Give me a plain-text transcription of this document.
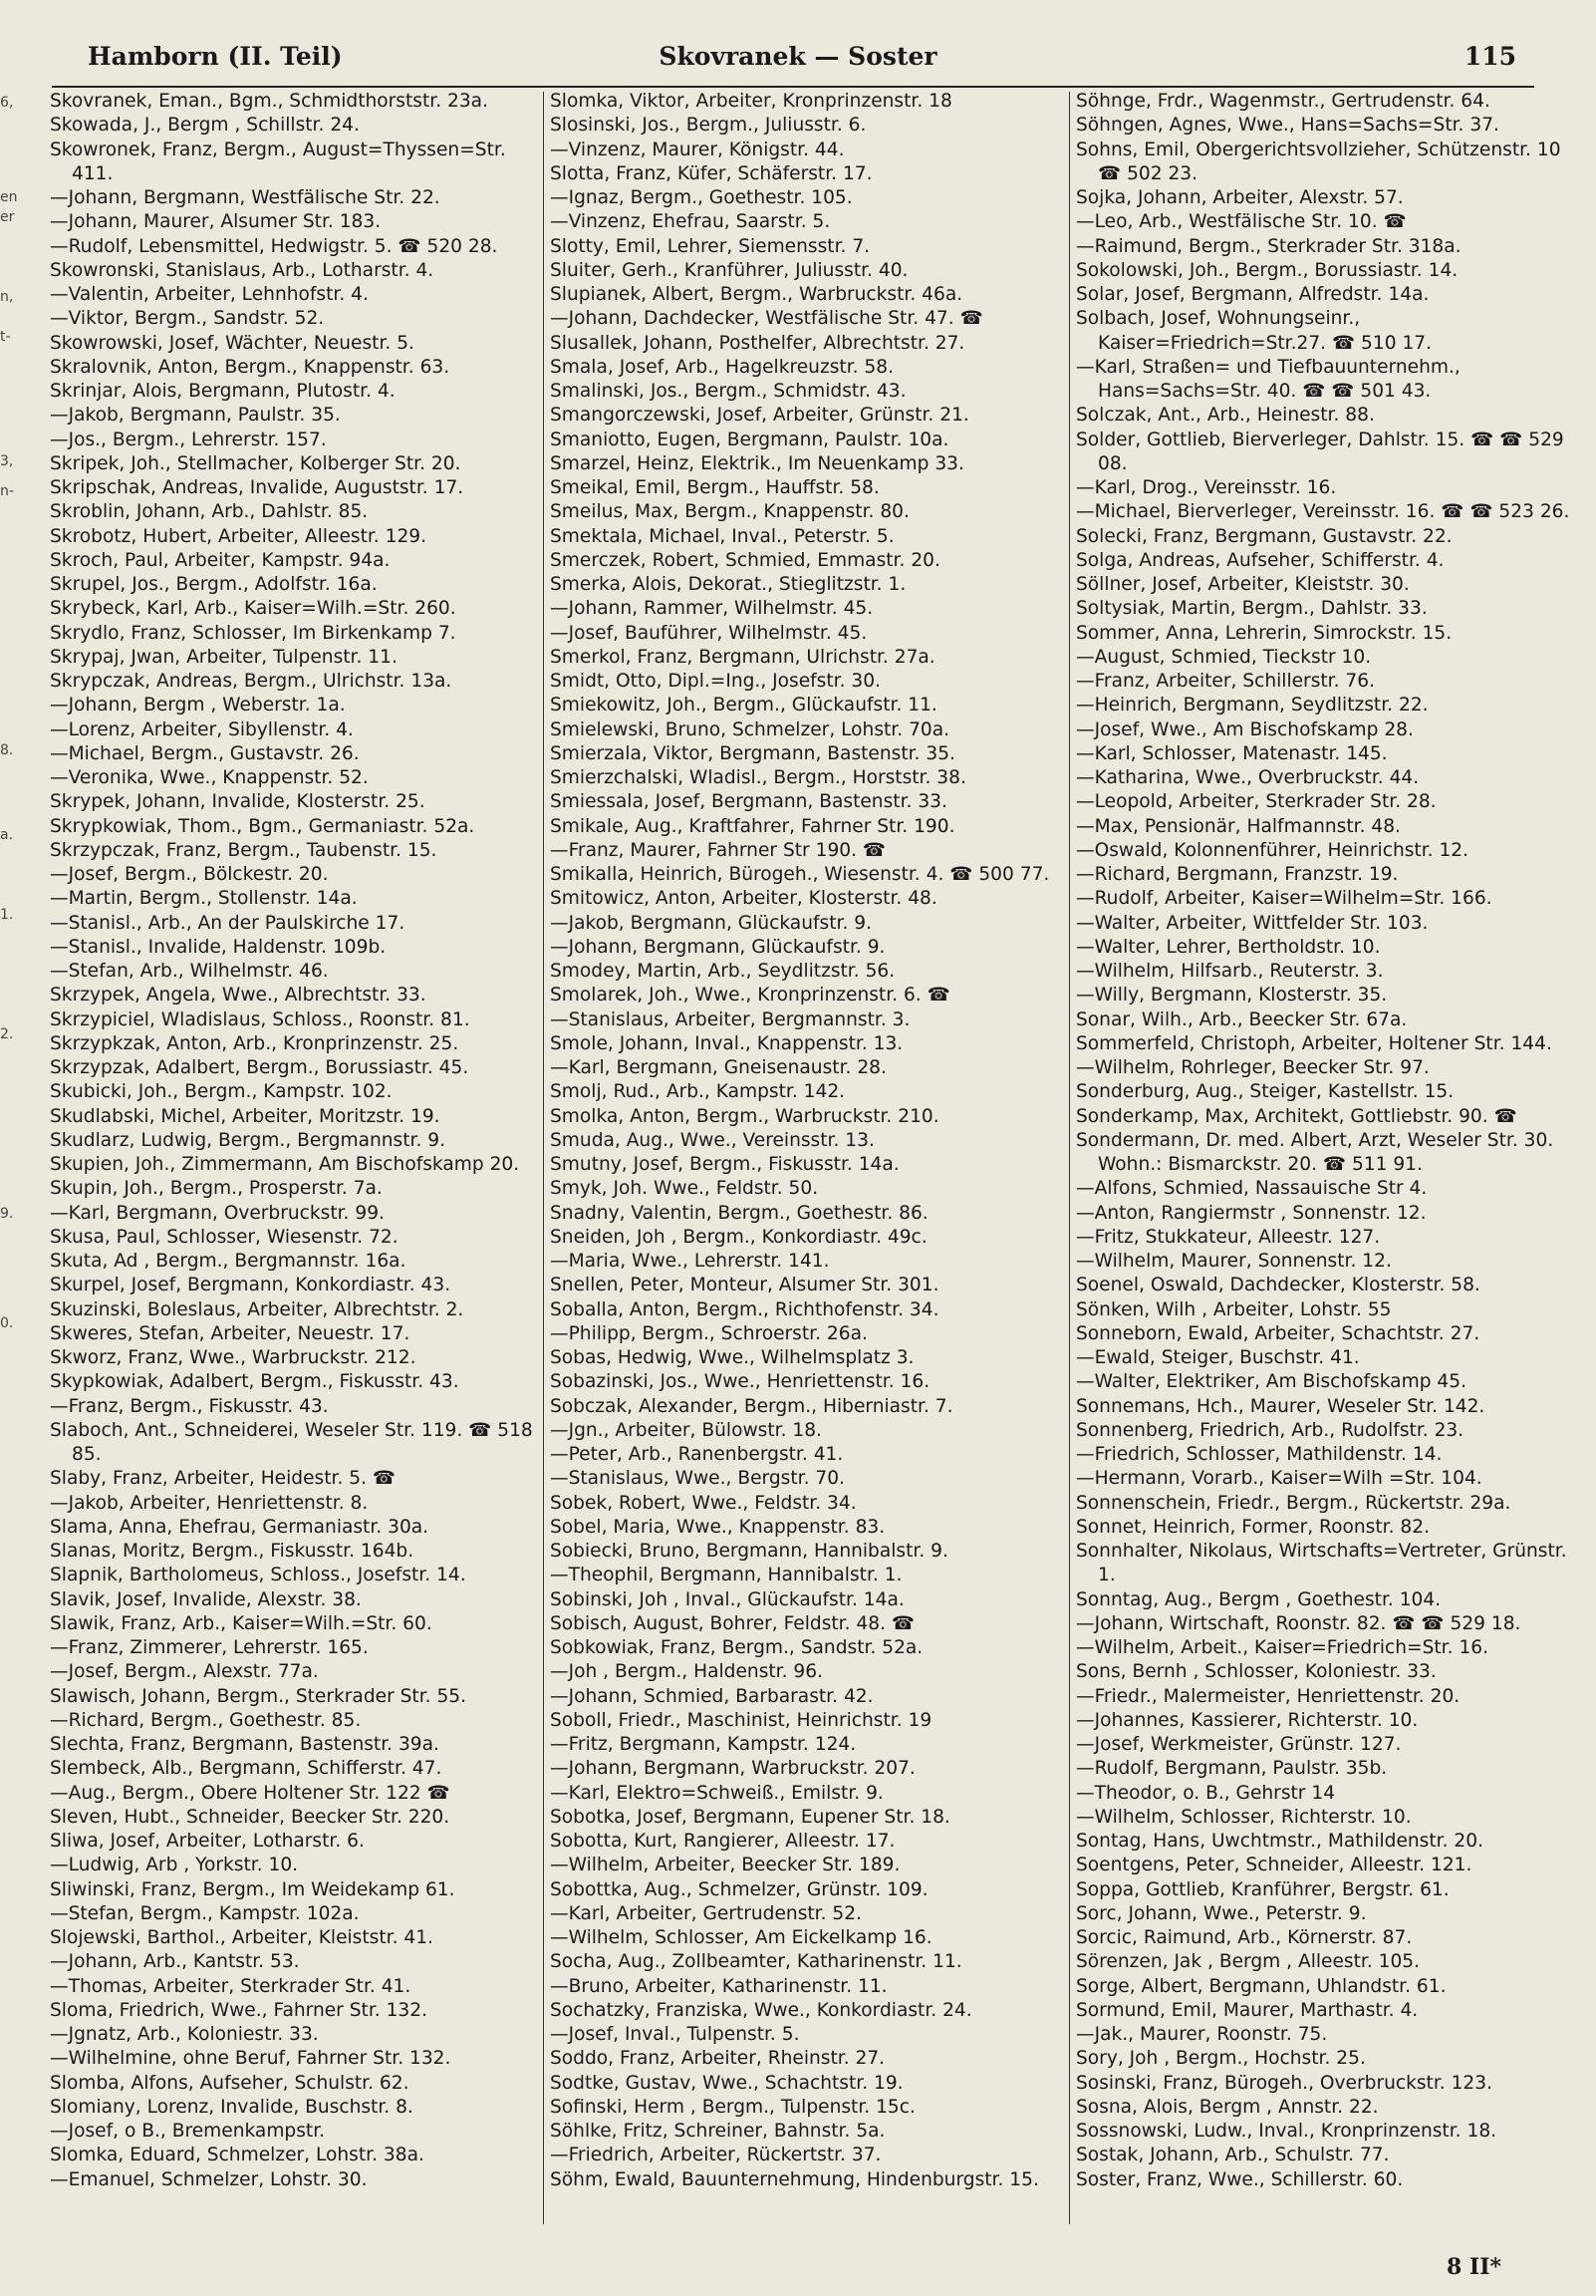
Hamborn (II. Teil)	Skovranek — Soster	115
6,
en
er
n,
t-
3,
n-
8.
a.
1.
2.
9.
0.
Skovranek, Eman., Bgm., Schmidthorststr. 23a.
Skowada, J., Bergm , Schillstr. 24.
Skowronek, Franz, Bergm., August=Thyssen=Str. 411.
—Johann, Bergmann, Westfälische Str. 22.
—Johann, Maurer, Alsumer Str. 183.
—Rudolf, Lebensmittel, Hedwigstr. 5. ☎ 520 28.
Skowronski, Stanislaus, Arb., Lotharstr. 4.
—Valentin, Arbeiter, Lehnhofstr. 4.
—Viktor, Bergm., Sandstr. 52.
Skowrowski, Josef, Wächter, Neuestr. 5.
Skralovnik, Anton, Bergm., Knappenstr. 63.
Skrinjar, Alois, Bergmann, Plutostr. 4.
—Jakob, Bergmann, Paulstr. 35.
—Jos., Bergm., Lehrerstr. 157.
Skripek, Joh., Stellmacher, Kolberger Str. 20.
Skripschak, Andreas, Invalide, Auguststr. 17.
Skroblin, Johann, Arb., Dahlstr. 85.
Skrobotz, Hubert, Arbeiter, Alleestr. 129.
Skroch, Paul, Arbeiter, Kampstr. 94a.
Skrupel, Jos., Bergm., Adolfstr. 16a.
Skrybeck, Karl, Arb., Kaiser=Wilh.=Str. 260.
Skrydlo, Franz, Schlosser, Im Birkenkamp 7.
Skrypaj, Jwan, Arbeiter, Tulpenstr. 11.
Skrypczak, Andreas, Bergm., Ulrichstr. 13a.
—Johann, Bergm , Weberstr. 1a.
—Lorenz, Arbeiter, Sibyllenstr. 4.
—Michael, Bergm., Gustavstr. 26.
—Veronika, Wwe., Knappenstr. 52.
Skrypek, Johann, Invalide, Klosterstr. 25.
Skrypkowiak, Thom., Bgm., Germaniastr. 52a.
Skrzypczak, Franz, Bergm., Taubenstr. 15.
—Josef, Bergm., Bölckestr. 20.
—Martin, Bergm., Stollenstr. 14a.
—Stanisl., Arb., An der Paulskirche 17.
—Stanisl., Invalide, Haldenstr. 109b.
—Stefan, Arb., Wilhelmstr. 46.
Skrzypek, Angela, Wwe., Albrechtstr. 33.
Skrzypiciel, Wladislaus, Schloss., Roonstr. 81.
Skrzypkzak, Anton, Arb., Kronprinzenstr. 25.
Skrzypzak, Adalbert, Bergm., Borussiastr. 45.
Skubicki, Joh., Bergm., Kampstr. 102.
Skudlabski, Michel, Arbeiter, Moritzstr. 19.
Skudlarz, Ludwig, Bergm., Bergmannstr. 9.
Skupien, Joh., Zimmermann, Am Bischofskamp 20.
Skupin, Joh., Bergm., Prosperstr. 7a.
—Karl, Bergmann, Overbruckstr. 99.
Skusa, Paul, Schlosser, Wiesenstr. 72.
Skuta, Ad , Bergm., Bergmannstr. 16a.
Skurpel, Josef, Bergmann, Konkordiastr. 43.
Skuzinski, Boleslaus, Arbeiter, Albrechtstr. 2.
Skweres, Stefan, Arbeiter, Neuestr. 17.
Skworz, Franz, Wwe., Warbruckstr. 212.
Skypkowiak, Adalbert, Bergm., Fiskusstr. 43.
—Franz, Bergm., Fiskusstr. 43.
Slaboch, Ant., Schneiderei, Weseler Str. 119. ☎ 518 85.
Slaby, Franz, Arbeiter, Heidestr. 5. ☎
—Jakob, Arbeiter, Henriettenstr. 8.
Slama, Anna, Ehefrau, Germaniastr. 30a.
Slanas, Moritz, Bergm., Fiskusstr. 164b.
Slapnik, Bartholomeus, Schloss., Josefstr. 14.
Slavik, Josef, Invalide, Alexstr. 38.
Slawik, Franz, Arb., Kaiser=Wilh.=Str. 60.
—Franz, Zimmerer, Lehrerstr. 165.
—Josef, Bergm., Alexstr. 77a.
Slawisch, Johann, Bergm., Sterkrader Str. 55.
—Richard, Bergm., Goethestr. 85.
Slechta, Franz, Bergmann, Bastenstr. 39a.
Slembeck, Alb., Bergmann, Schifferstr. 47.
—Aug., Bergm., Obere Holtener Str. 122 ☎
Sleven, Hubt., Schneider, Beecker Str. 220.
Sliwa, Josef, Arbeiter, Lotharstr. 6.
—Ludwig, Arb , Yorkstr. 10.
Sliwinski, Franz, Bergm., Im Weidekamp 61.
—Stefan, Bergm., Kampstr. 102a.
Slojewski, Barthol., Arbeiter, Kleiststr. 41.
—Johann, Arb., Kantstr. 53.
—Thomas, Arbeiter, Sterkrader Str. 41.
Sloma, Friedrich, Wwe., Fahrner Str. 132.
—Jgnatz, Arb., Koloniestr. 33.
—Wilhelmine, ohne Beruf, Fahrner Str. 132.
Slomba, Alfons, Aufseher, Schulstr. 62.
Slomiany, Lorenz, Invalide, Buschstr. 8.
—Josef, o B., Bremenkampstr.
Slomka, Eduard, Schmelzer, Lohstr. 38a.
—Emanuel, Schmelzer, Lohstr. 30.
Slomka, Viktor, Arbeiter, Kronprinzenstr. 18
Slosinski, Jos., Bergm., Juliusstr. 6.
—Vinzenz, Maurer, Königstr. 44.
Slotta, Franz, Küfer, Schäferstr. 17.
—Ignaz, Bergm., Goethestr. 105.
—Vinzenz, Ehefrau, Saarstr. 5.
Slotty, Emil, Lehrer, Siemensstr. 7.
Sluiter, Gerh., Kranführer, Juliusstr. 40.
Slupianek, Albert, Bergm., Warbruckstr. 46a.
—Johann, Dachdecker, Westfälische Str. 47. ☎
Slusallek, Johann, Posthelfer, Albrechtstr. 27.
Smala, Josef, Arb., Hagelkreuzstr. 58.
Smalinski, Jos., Bergm., Schmidstr. 43.
Smangorczewski, Josef, Arbeiter, Grünstr. 21.
Smaniotto, Eugen, Bergmann, Paulstr. 10a.
Smarzel, Heinz, Elektrik., Im Neuenkamp 33.
Smeikal, Emil, Bergm., Hauffstr. 58.
Smeilus, Max, Bergm., Knappenstr. 80.
Smektala, Michael, Inval., Peterstr. 5.
Smerczek, Robert, Schmied, Emmastr. 20.
Smerka, Alois, Dekorat., Stieglitzstr. 1.
—Johann, Rammer, Wilhelmstr. 45.
—Josef, Bauführer, Wilhelmstr. 45.
Smerkol, Franz, Bergmann, Ulrichstr. 27a.
Smidt, Otto, Dipl.=Ing., Josefstr. 30.
Smiekowitz, Joh., Bergm., Glückaufstr. 11.
Smielewski, Bruno, Schmelzer, Lohstr. 70a.
Smierzala, Viktor, Bergmann, Bastenstr. 35.
Smierzchalski, Wladisl., Bergm., Horststr. 38.
Smiessala, Josef, Bergmann, Bastenstr. 33.
Smikale, Aug., Kraftfahrer, Fahrner Str. 190.
—Franz, Maurer, Fahrner Str 190. ☎
Smikalla, Heinrich, Bürogeh., Wiesenstr. 4. ☎ 500 77.
Smitowicz, Anton, Arbeiter, Klosterstr. 48.
—Jakob, Bergmann, Glückaufstr. 9.
—Johann, Bergmann, Glückaufstr. 9.
Smodey, Martin, Arb., Seydlitzstr. 56.
Smolarek, Joh., Wwe., Kronprinzenstr. 6. ☎
—Stanislaus, Arbeiter, Bergmannstr. 3.
Smole, Johann, Inval., Knappenstr. 13.
—Karl, Bergmann, Gneisenaustr. 28.
Smolj, Rud., Arb., Kampstr. 142.
Smolka, Anton, Bergm., Warbruckstr. 210.
Smuda, Aug., Wwe., Vereinsstr. 13.
Smutny, Josef, Bergm., Fiskusstr. 14a.
Smyk, Joh. Wwe., Feldstr. 50.
Snadny, Valentin, Bergm., Goethestr. 86.
Sneiden, Joh , Bergm., Konkordiastr. 49c.
—Maria, Wwe., Lehrerstr. 141.
Snellen, Peter, Monteur, Alsumer Str. 301.
Soballa, Anton, Bergm., Richthofenstr. 34.
—Philipp, Bergm., Schroerstr. 26a.
Sobas, Hedwig, Wwe., Wilhelmsplatz 3.
Sobazinski, Jos., Wwe., Henriettenstr. 16.
Sobczak, Alexander, Bergm., Hiberniastr. 7.
—Jgn., Arbeiter, Bülowstr. 18.
—Peter, Arb., Ranenbergstr. 41.
—Stanislaus, Wwe., Bergstr. 70.
Sobek, Robert, Wwe., Feldstr. 34.
Sobel, Maria, Wwe., Knappenstr. 83.
Sobiecki, Bruno, Bergmann, Hannibalstr. 9.
—Theophil, Bergmann, Hannibalstr. 1.
Sobinski, Joh , Inval., Glückaufstr. 14a.
Sobisch, August, Bohrer, Feldstr. 48. ☎
Sobkowiak, Franz, Bergm., Sandstr. 52a.
—Joh , Bergm., Haldenstr. 96.
—Johann, Schmied, Barbarastr. 42.
Soboll, Friedr., Maschinist, Heinrichstr. 19
—Fritz, Bergmann, Kampstr. 124.
—Johann, Bergmann, Warbruckstr. 207.
—Karl, Elektro=Schweiß., Emilstr. 9.
Sobotka, Josef, Bergmann, Eupener Str. 18.
Sobotta, Kurt, Rangierer, Alleestr. 17.
—Wilhelm, Arbeiter, Beecker Str. 189.
Sobottka, Aug., Schmelzer, Grünstr. 109.
—Karl, Arbeiter, Gertrudenstr. 52.
—Wilhelm, Schlosser, Am Eickelkamp 16.
Socha, Aug., Zollbeamter, Katharinenstr. 11.
—Bruno, Arbeiter, Katharinenstr. 11.
Sochatzky, Franziska, Wwe., Konkordiastr. 24.
—Josef, Inval., Tulpenstr. 5.
Soddo, Franz, Arbeiter, Rheinstr. 27.
Sodtke, Gustav, Wwe., Schachtstr. 19.
Sofinski, Herm , Bergm., Tulpenstr. 15c.
Söhlke, Fritz, Schreiner, Bahnstr. 5a.
—Friedrich, Arbeiter, Rückertstr. 37.
Söhm, Ewald, Bauunternehmung, Hindenburgstr. 15.
Söhnge, Frdr., Wagenmstr., Gertrudenstr. 64.
Söhngen, Agnes, Wwe., Hans=Sachs=Str. 37.
Sohns, Emil, Obergerichtsvollzieher, Schützenstr. 10 ☎ 502 23.
Sojka, Johann, Arbeiter, Alexstr. 57.
—Leo, Arb., Westfälische Str. 10. ☎
—Raimund, Bergm., Sterkrader Str. 318a.
Sokolowski, Joh., Bergm., Borussiastr. 14.
Solar, Josef, Bergmann, Alfredstr. 14a.
Solbach, Josef, Wohnungseinr., Kaiser=Friedrich=Str.27. ☎ 510 17.
—Karl, Straßen= und Tiefbauunternehm., Hans=Sachs=Str. 40. ☎ ☎ 501 43.
Solczak, Ant., Arb., Heinestr. 88.
Solder, Gottlieb, Bierverleger, Dahlstr. 15. ☎ ☎ 529 08.
—Karl, Drog., Vereinsstr. 16.
—Michael, Bierverleger, Vereinsstr. 16. ☎ ☎ 523 26.
Solecki, Franz, Bergmann, Gustavstr. 22.
Solga, Andreas, Aufseher, Schifferstr. 4.
Söllner, Josef, Arbeiter, Kleiststr. 30.
Soltysiak, Martin, Bergm., Dahlstr. 33.
Sommer, Anna, Lehrerin, Simrockstr. 15.
—August, Schmied, Tieckstr 10.
—Franz, Arbeiter, Schillerstr. 76.
—Heinrich, Bergmann, Seydlitzstr. 22.
—Josef, Wwe., Am Bischofskamp 28.
—Karl, Schlosser, Matenastr. 145.
—Katharina, Wwe., Overbruckstr. 44.
—Leopold, Arbeiter, Sterkrader Str. 28.
—Max, Pensionär, Halfmannstr. 48.
—Oswald, Kolonnenführer, Heinrichstr. 12.
—Richard, Bergmann, Franzstr. 19.
—Rudolf, Arbeiter, Kaiser=Wilhelm=Str. 166.
—Walter, Arbeiter, Wittfelder Str. 103.
—Walter, Lehrer, Bertholdstr. 10.
—Wilhelm, Hilfsarb., Reuterstr. 3.
—Willy, Bergmann, Klosterstr. 35.
Sonar, Wilh., Arb., Beecker Str. 67a.
Sommerfeld, Christoph, Arbeiter, Holtener Str. 144.
—Wilhelm, Rohrleger, Beecker Str. 97.
Sonderburg, Aug., Steiger, Kastellstr. 15.
Sonderkamp, Max, Architekt, Gottliebstr. 90. ☎
Sondermann, Dr. med. Albert, Arzt, Weseler Str. 30. Wohn.: Bismarckstr. 20. ☎ 511 91.
—Alfons, Schmied, Nassauische Str 4.
—Anton, Rangiermstr , Sonnenstr. 12.
—Fritz, Stukkateur, Alleestr. 127.
—Wilhelm, Maurer, Sonnenstr. 12.
Soenel, Oswald, Dachdecker, Klosterstr. 58.
Sönken, Wilh , Arbeiter, Lohstr. 55
Sonneborn, Ewald, Arbeiter, Schachtstr. 27.
—Ewald, Steiger, Buschstr. 41.
—Walter, Elektriker, Am Bischofskamp 45.
Sonnemans, Hch., Maurer, Weseler Str. 142.
Sonnenberg, Friedrich, Arb., Rudolfstr. 23.
—Friedrich, Schlosser, Mathildenstr. 14.
—Hermann, Vorarb., Kaiser=Wilh =Str. 104.
Sonnenschein, Friedr., Bergm., Rückertstr. 29a.
Sonnet, Heinrich, Former, Roonstr. 82.
Sonnhalter, Nikolaus, Wirtschafts=Vertreter, Grünstr. 1.
Sonntag, Aug., Bergm , Goethestr. 104.
—Johann, Wirtschaft, Roonstr. 82. ☎ ☎ 529 18.
—Wilhelm, Arbeit., Kaiser=Friedrich=Str. 16.
Sons, Bernh , Schlosser, Koloniestr. 33.
—Friedr., Malermeister, Henriettenstr. 20.
—Johannes, Kassierer, Richterstr. 10.
—Josef, Werkmeister, Grünstr. 127.
—Rudolf, Bergmann, Paulstr. 35b.
—Theodor, o. B., Gehrstr 14
—Wilhelm, Schlosser, Richterstr. 10.
Sontag, Hans, Uwchtmstr., Mathildenstr. 20.
Soentgens, Peter, Schneider, Alleestr. 121.
Soppa, Gottlieb, Kranführer, Bergstr. 61.
Sorc, Johann, Wwe., Peterstr. 9.
Sorcic, Raimund, Arb., Körnerstr. 87.
Sörenzen, Jak , Bergm , Alleestr. 105.
Sorge, Albert, Bergmann, Uhlandstr. 61.
Sormund, Emil, Maurer, Marthastr. 4.
—Jak., Maurer, Roonstr. 75.
Sory, Joh , Bergm., Hochstr. 25.
Sosinski, Franz, Bürogeh., Overbruckstr. 123.
Sosna, Alois, Bergm , Annstr. 22.
Sossnowski, Ludw., Inval., Kronprinzenstr. 18.
Sostak, Johann, Arb., Schulstr. 77.
Soster, Franz, Wwe., Schillerstr. 60.
8 II*
